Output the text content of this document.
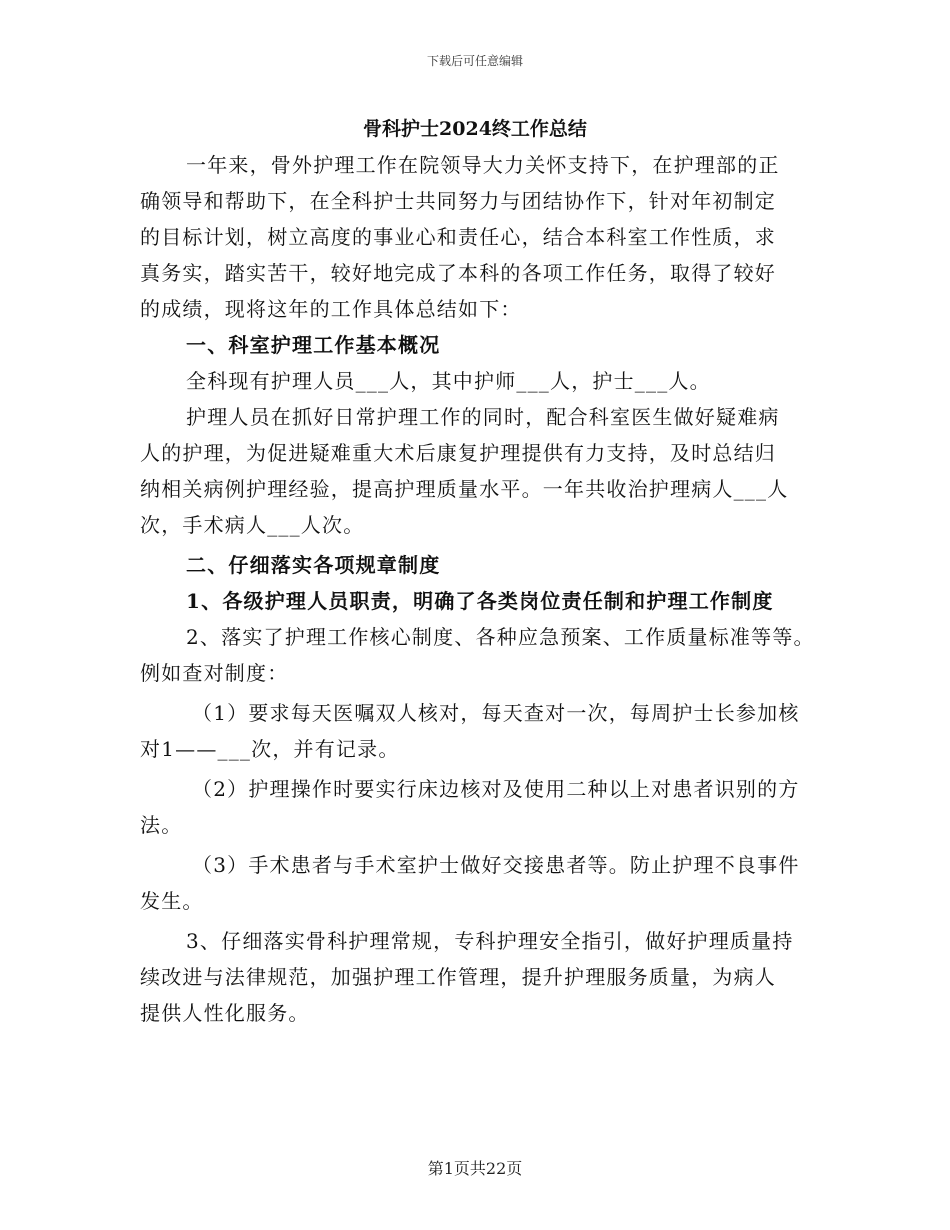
下载后可任意编辑
骨科护士2024终工作总结
一年来，骨外护理工作在院领导大力关怀支持下，在护理部的正
确领导和帮助下，在全科护士共同努力与团结协作下，针对年初制定
的目标计划，树立高度的事业心和责任心，结合本科室工作性质，求
真务实，踏实苦干，较好地完成了本科的各项工作任务，取得了较好
的成绩，现将这年的工作具体总结如下：
一、科室护理工作基本概况
全科现有护理人员___人，其中护师___人，护士___人。
护理人员在抓好日常护理工作的同时，配合科室医生做好疑难病
人的护理，为促进疑难重大术后康复护理提供有力支持，及时总结归
纳相关病例护理经验，提高护理质量水平。一年共收治护理病人___人
次，手术病人___人次。
二、仔细落实各项规章制度
1、各级护理人员职责，明确了各类岗位责任制和护理工作制度
2、落实了护理工作核心制度、各种应急预案、工作质量标准等等。
例如查对制度：
（1）要求每天医嘱双人核对，每天查对一次，每周护士长参加核
对1——___次，并有记录。
（2）护理操作时要实行床边核对及使用二种以上对患者识别的方
法。
（3）手术患者与手术室护士做好交接患者等。防止护理不良事件
发生。
3、仔细落实骨科护理常规，专科护理安全指引，做好护理质量持
续改进与法律规范，加强护理工作管理，提升护理服务质量，为病人
提供人性化服务。
第1页共22页
